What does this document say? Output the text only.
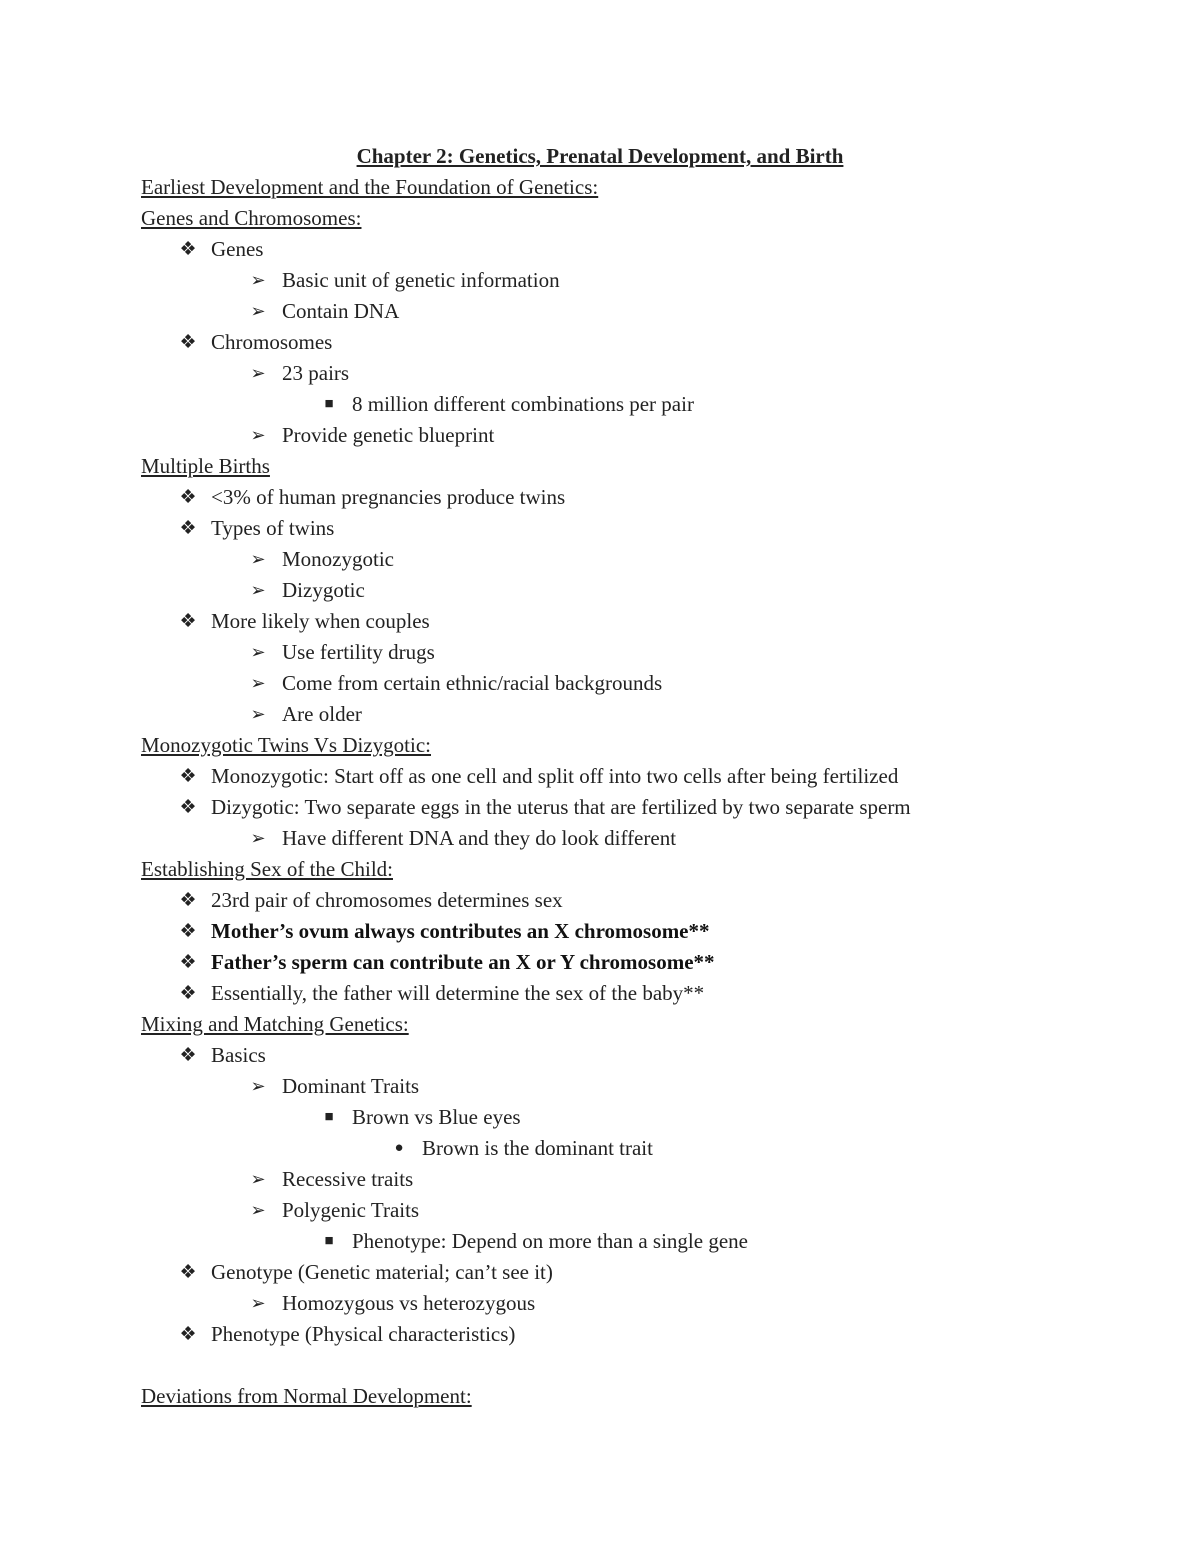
Chapter 2: Genetics, Prenatal Development, and Birth
Earliest Development and the Foundation of Genetics:
Genes and Chromosomes:
❖ Genes
➢ Basic unit of genetic information
➢ Contain DNA
❖ Chromosomes
➢ 23 pairs
■ 8 million different combinations per pair
➢ Provide genetic blueprint
Multiple Births
❖ <3% of human pregnancies produce twins
❖ Types of twins
➢ Monozygotic
➢ Dizygotic
❖ More likely when couples
➢ Use fertility drugs
➢ Come from certain ethnic/racial backgrounds
➢ Are older
Monozygotic Twins Vs Dizygotic:
❖ Monozygotic: Start off as one cell and split off into two cells after being fertilized
❖ Dizygotic: Two separate eggs in the uterus that are fertilized by two separate sperm
➢ Have different DNA and they do look different
Establishing Sex of the Child:
❖ 23rd pair of chromosomes determines sex
❖ Mother’s ovum always contributes an X chromosome**
❖ Father’s sperm can contribute an X or Y chromosome**
❖ Essentially, the father will determine the sex of the baby**
Mixing and Matching Genetics:
❖ Basics
➢ Dominant Traits
■ Brown vs Blue eyes
● Brown is the dominant trait
➢ Recessive traits
➢ Polygenic Traits
■ Phenotype: Depend on more than a single gene
❖ Genotype (Genetic material; can’t see it)
➢ Homozygous vs heterozygous
❖ Phenotype (Physical characteristics)
Deviations from Normal Development:
